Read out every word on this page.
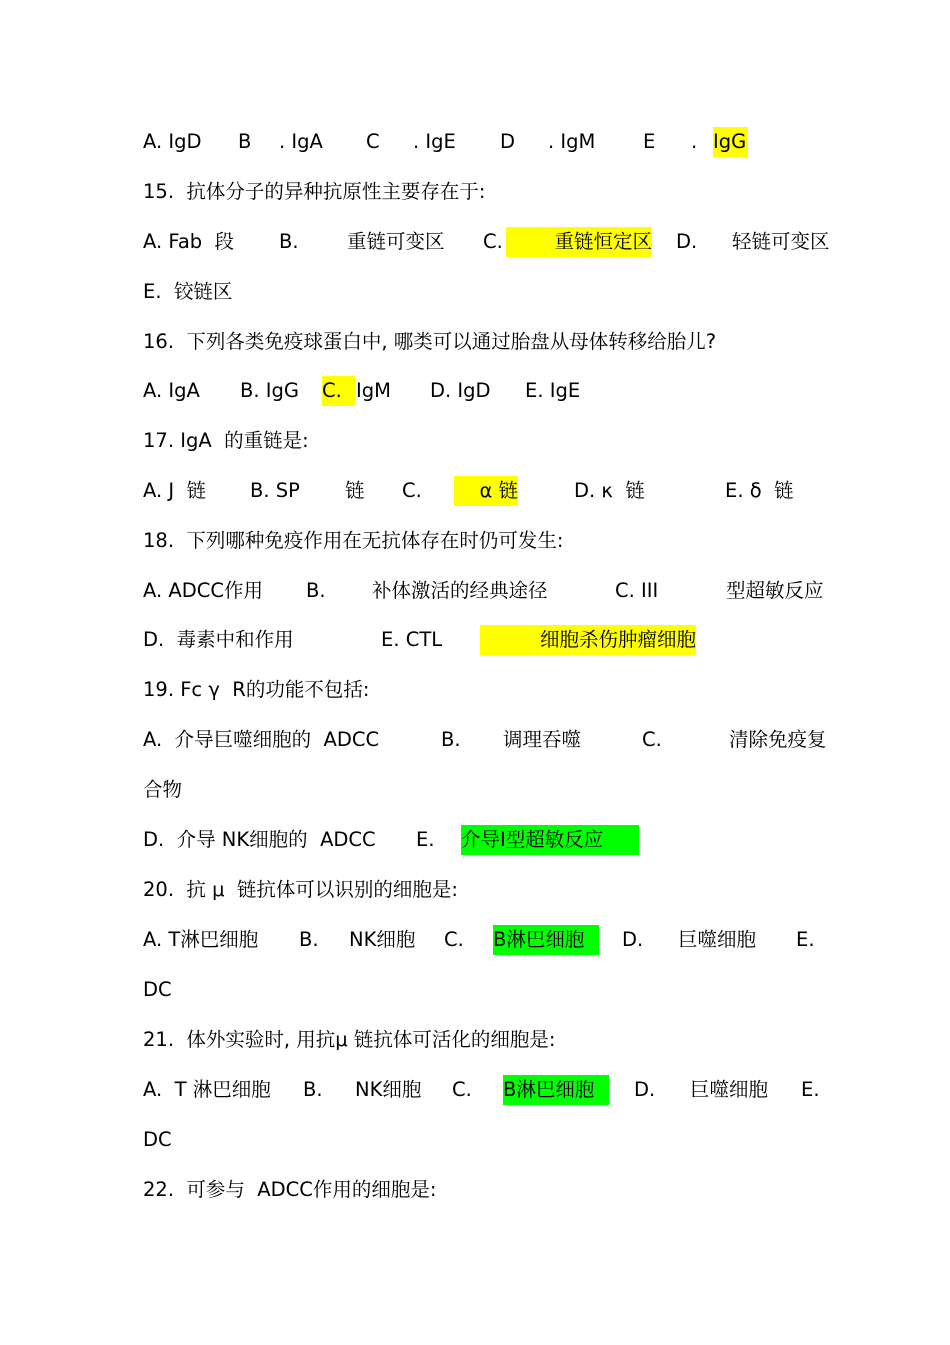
A. IgD B . IgA C . IgE D . IgM E . IgG
15.  抗体分子的异种抗原性主要存在于:
A. Fab  段 B. 重链可变区 C.	重链恒定区 D. 轻链可变区
E.  铰链区
16.  下列各类免疫球蛋白中, 哪类可以通过胎盘从母体转移给胎儿?
A. IgA B. IgG C. IgM D. IgD E. IgE
17. IgA  的重链是:
A. J  链 B. SP 链 C.	α 链	D. κ  链	E. δ  链
18.  下列哪种免疫作用在无抗体存在时仍可发生:
A. ADCC作用 B. 补体激活的经典途径	C. III	型超敏反应
D.  毒素中和作用	E. CTL	细胞杀伤肿瘤细胞
19. Fc γ  R的功能不包括:
A.  介导巨噬细胞的  ADCC	B. 调理吞噬	C.	清除免疫复
合物
D.  介导 NK细胞的  ADCC E. 介导Ⅰ型超敏反应
20.  抗 μ  链抗体可以识别的细胞是:
A. T淋巴细胞 B. NK细胞 C. B淋巴细胞	D. 巨噬细胞 E.
DC
21.  体外实验时, 用抗μ 链抗体可活化的细胞是:
A.  T 淋巴细胞 B. NK细胞 C. B淋巴细胞	D. 巨噬细胞 E.
DC
22.  可参与  ADCC作用的细胞是:
